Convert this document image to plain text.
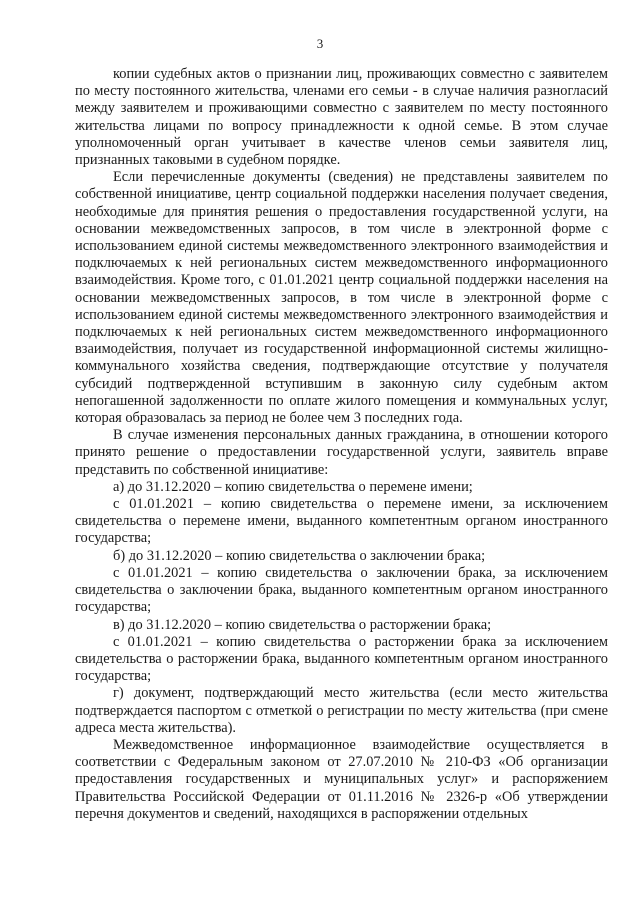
3

копии судебных актов о признании лиц, проживающих совместно с заявителем по месту постоянного жительства, членами его семьи - в случае наличия разногласий между заявителем и проживающими совместно с заявителем по месту постоянного жительства лицами по вопросу принадлежности к одной семье. В этом случае уполномоченный орган учитывает в качестве членов семьи заявителя лиц, признанных таковыми в судебном порядке.

Если перечисленные документы (сведения) не представлены заявителем по собственной инициативе, центр социальной поддержки населения получает сведения, необходимые для принятия решения о предоставления государственной услуги, на основании межведомственных запросов, в том числе в электронной форме с использованием единой системы межведомственного электронного взаимодействия и подключаемых к ней региональных систем межведомственного информационного взаимодействия. Кроме того, с 01.01.2021 центр социальной поддержки населения на основании межведомственных запросов, в том числе в электронной форме с использованием единой системы межведомственного электронного взаимодействия и подключаемых к ней региональных систем межведомственного информационного взаимодействия, получает из государственной информационной системы жилищно-коммунального хозяйства сведения, подтверждающие отсутствие у получателя субсидий подтвержденной вступившим в законную силу судебным актом непогашенной задолженности по оплате жилого помещения и коммунальных услуг, которая образовалась за период не более чем 3 последних года.

В случае изменения персональных данных гражданина, в отношении которого принято решение о предоставлении государственной услуги, заявитель вправе представить по собственной инициативе:

а) до 31.12.2020 – копию свидетельства о перемене имени;

с 01.01.2021 – копию свидетельства о перемене имени, за исключением свидетельства о перемене имени, выданного компетентным органом иностранного государства;

б) до 31.12.2020 – копию свидетельства о заключении брака;

с 01.01.2021 – копию свидетельства о заключении брака, за исключением свидетельства о заключении брака, выданного компетентным органом иностранного государства;

в) до 31.12.2020 – копию свидетельства о расторжении брака;

с 01.01.2021 – копию свидетельства о расторжении брака за исключением свидетельства о расторжении брака, выданного компетентным органом иностранного государства;

г) документ, подтверждающий место жительства (если место жительства подтверждается паспортом с отметкой о регистрации по месту жительства (при смене адреса места жительства).

Межведомственное информационное взаимодействие осуществляется в соответствии с Федеральным законом от 27.07.2010 № 210-ФЗ «Об организации предоставления государственных и муниципальных услуг» и распоряжением Правительства Российской Федерации от 01.11.2016 № 2326-р «Об утверждении перечня документов и сведений, находящихся в распоряжении отдельных
